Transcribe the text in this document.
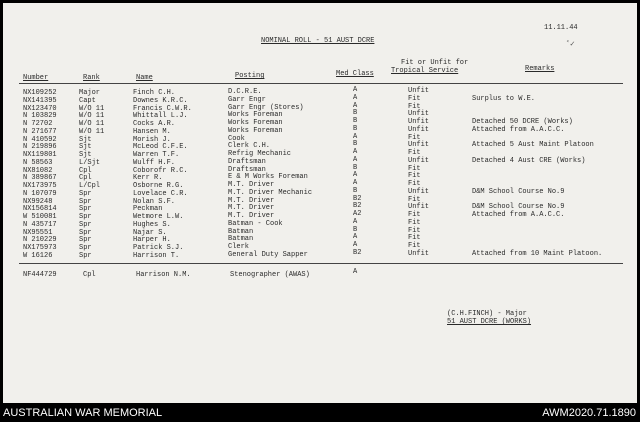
11.11.44
˂✓
NOMINAL ROLL - 51 AUST DCRE
Number	Rank	Name	Posting	Med Class
Fit or Unfit for
Tropical Service	Remarks
NX109252	Major	Finch C.H.	D.C.R.E.	A	Unfit
NX141395	Capt	Downes K.R.C.	Garr Engr	A	Fit	Surplus to W.E.
NX123470	W/O 11	Francis C.W.R.	Garr Engr (Stores)	A	Fit
N 103829	W/O 11	Whittall L.J.	Works Foreman	B	Unfit
N 72702	W/O 11	Cocks A.R.	Works Foreman	B	Unfit	Detached 50 DCRE (Works)
N 271677	W/O 11	Hansen M.	Works Foreman	B	Unfit	Attached from A.A.C.C.
N 410592	Sjt	Morish J.	Cook	A	Fit
N 219896	Sjt	McLeod C.F.E.	Clerk C.H.	B	Unfit	Attached 5 Aust Maint Platoon
NX119801	Sjt	Warren T.F.	Refrig Mechanic	A	Fit
N 58563	L/Sjt	Wulff H.F.	Draftsman	A	Unfit	Detached 4 Aust CRE (Works)
NX81082	Cpl	Coborofr R.C.	Draftsman	B	Fit
N 389867	Cpl	Kerr R.	E & M Works Foreman	A	Fit
NX173975	L/Cpl	Osborne R.G.	M.T. Driver	A	Fit
N 107079	Spr	Lovelace C.R.	M.T. Driver Mechanic	B	Unfit	D&M School Course No.9
NX99248	Spr	Nolan S.F.	M.T. Driver	B2	Fit
NX156814	Spr	Peckman	M.T. Driver	B2	Unfit	D&M School Course No.9
W 510081	Spr	Wetmore L.W.	M.T. Driver	A2	Fit	Attached from A.A.C.C.
N 435717	Spr	Hughes S.	Batman - Cook	A	Fit
NX95551	Spr	Najar S.	Batman	B	Fit
N 210229	Spr	Harper H.	Batman	A	Fit
NX175973	Spr	Patrick S.J.	Clerk	A	Fit
W 16126	Spr	Harrison T.	General Duty Sapper	B2	Unfit	Attached from 10 Maint Platoon.
NF444729	Cpl	Harrison N.M.	Stenographer (AWAS)	A
(C.H.FINCH) - Major
51 AUST DCRE (WORKS)
AUSTRALIAN WAR MEMORIAL	AWM2020.71.1890
